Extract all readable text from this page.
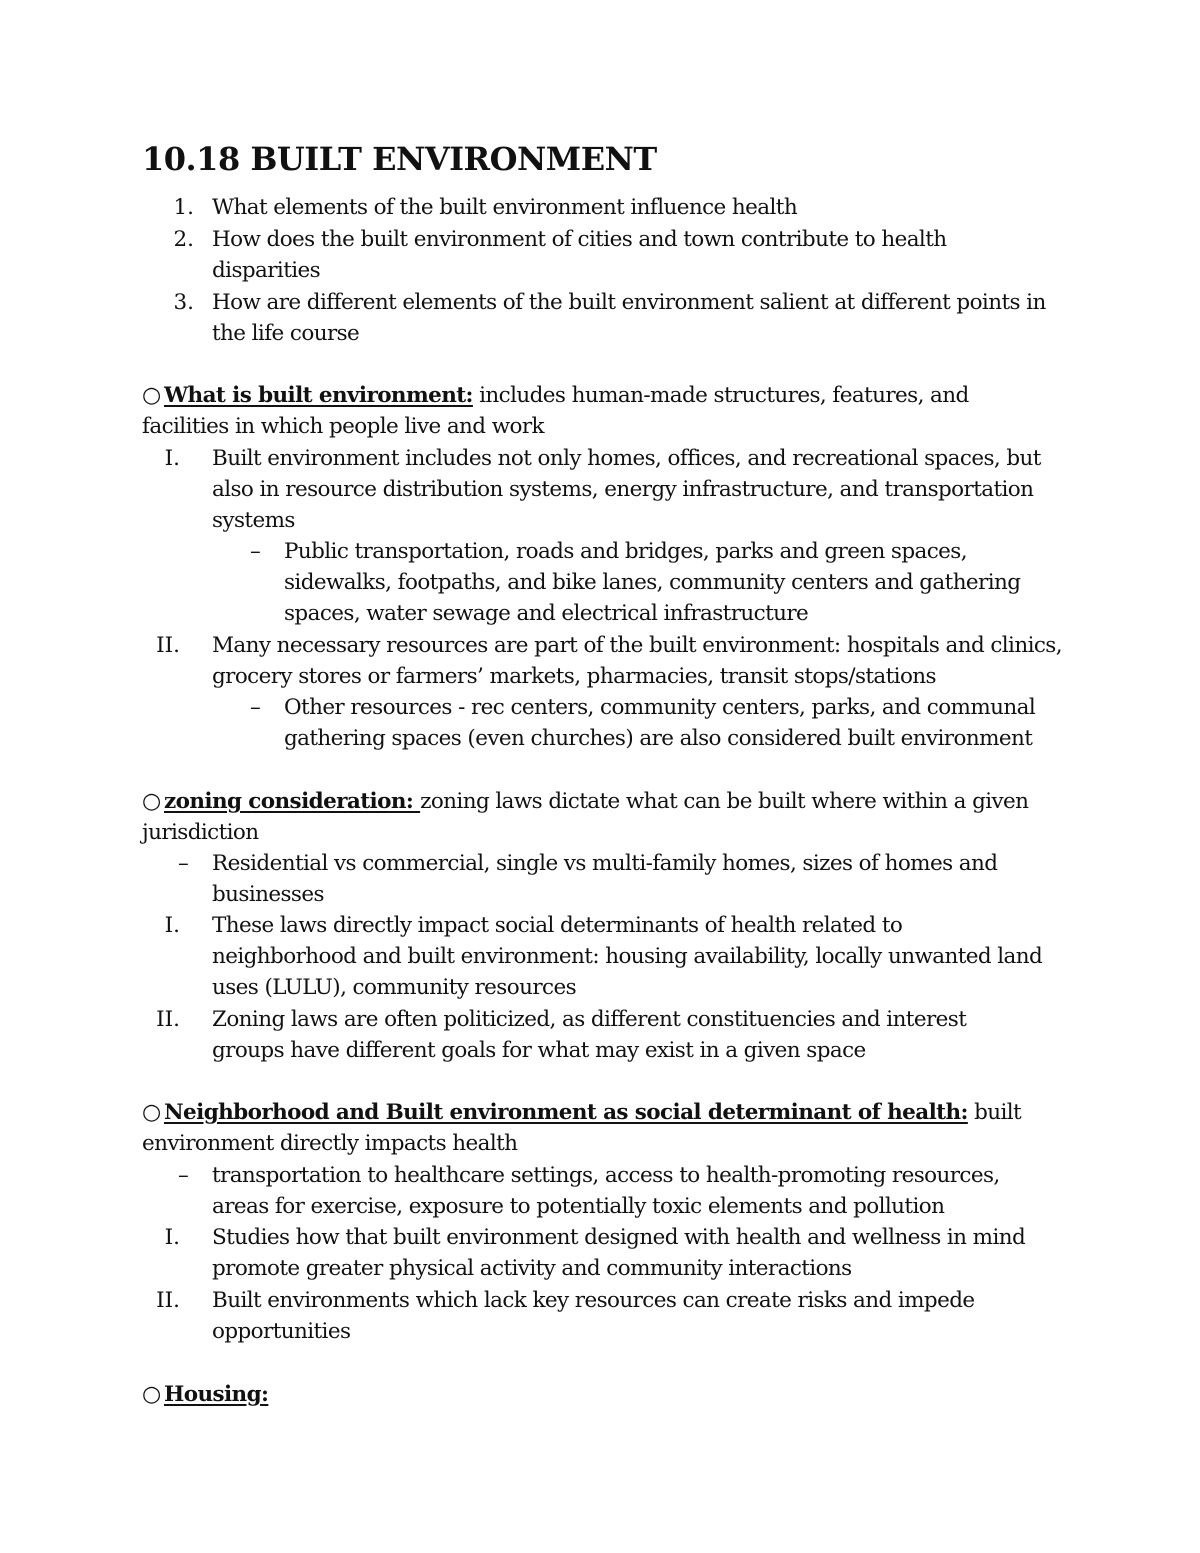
10.18 BUILT ENVIRONMENT
1. What elements of the built environment influence health
2. How does the built environment of cities and town contribute to health disparities
3. How are different elements of the built environment salient at different points in the life course
○ What is built environment: includes human-made structures, features, and facilities in which people live and work
I. Built environment includes not only homes, offices, and recreational spaces, but also in resource distribution systems, energy infrastructure, and transportation systems
– Public transportation, roads and bridges, parks and green spaces, sidewalks, footpaths, and bike lanes, community centers and gathering spaces, water sewage and electrical infrastructure
II. Many necessary resources are part of the built environment: hospitals and clinics, grocery stores or farmers’ markets, pharmacies, transit stops/stations
– Other resources - rec centers, community centers, parks, and communal gathering spaces (even churches) are also considered built environment
○ zoning consideration: zoning laws dictate what can be built where within a given jurisdiction
– Residential vs commercial, single vs multi-family homes, sizes of homes and businesses
I. These laws directly impact social determinants of health related to neighborhood and built environment: housing availability, locally unwanted land uses (LULU), community resources
II. Zoning laws are often politicized, as different constituencies and interest groups have different goals for what may exist in a given space
○ Neighborhood and Built environment as social determinant of health: built environment directly impacts health
– transportation to healthcare settings, access to health-promoting resources, areas for exercise, exposure to potentially toxic elements and pollution
I. Studies how that built environment designed with health and wellness in mind promote greater physical activity and community interactions
II. Built environments which lack key resources can create risks and impede opportunities
○ Housing:
